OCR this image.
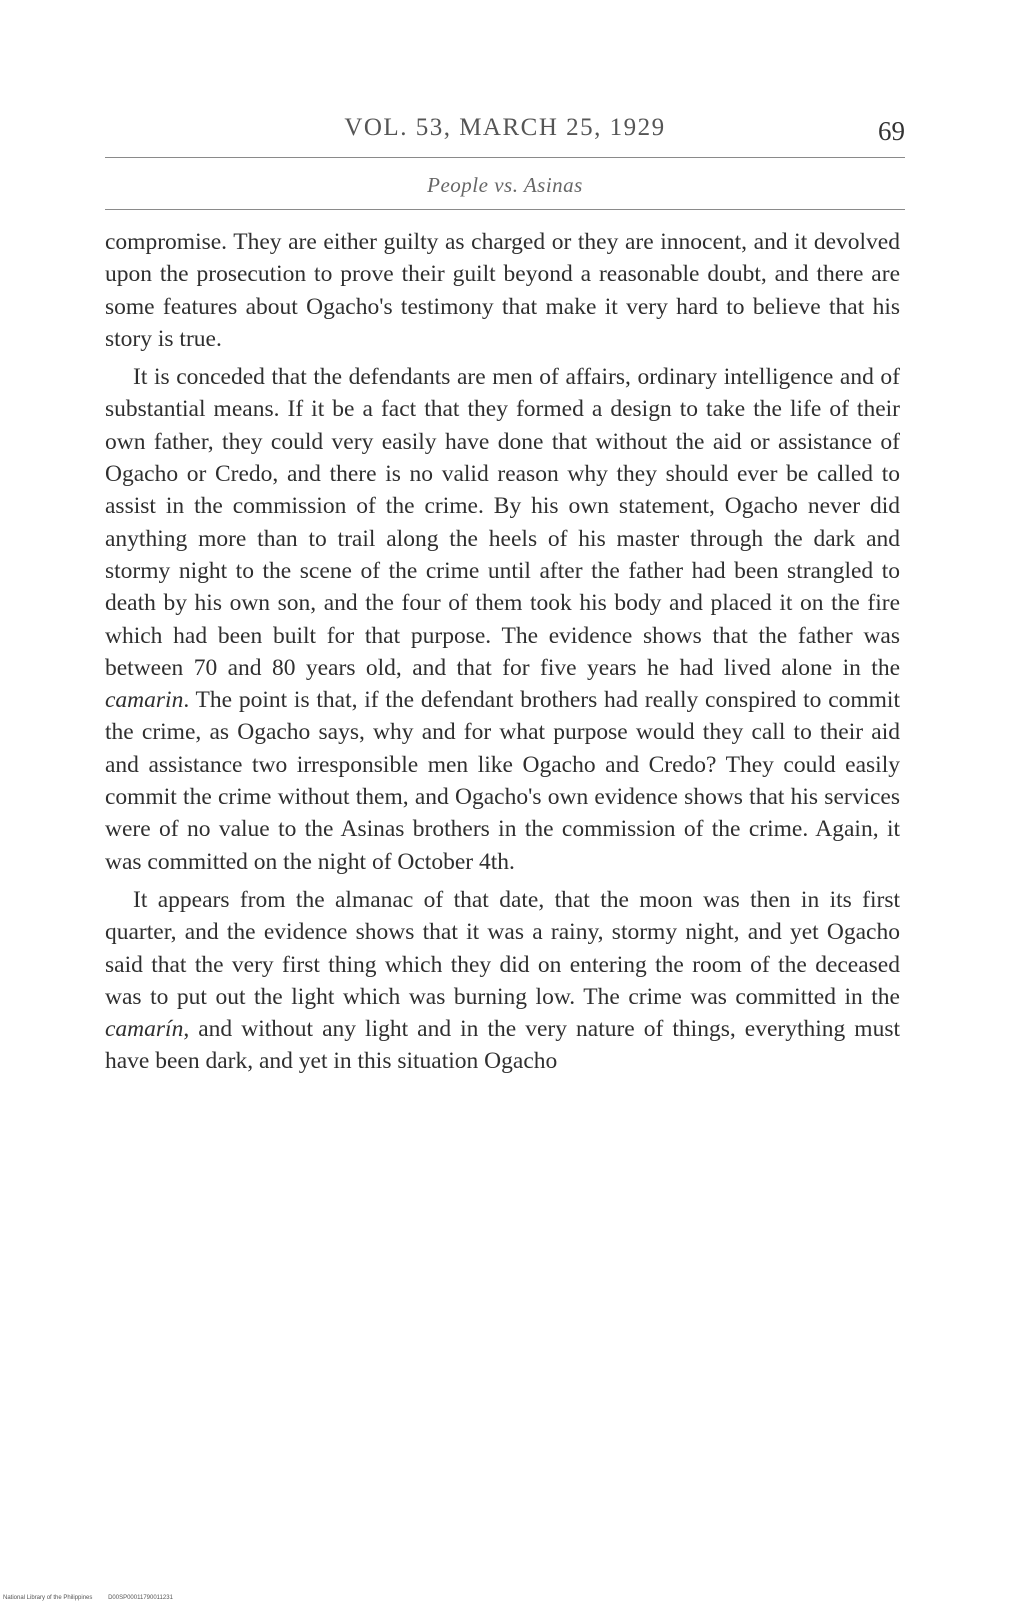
VOL. 53, MARCH 25, 1929	69
People vs. Asinas

compromise. They are either guilty as charged or they are innocent, and it devolved upon the prosecution to prove their guilt beyond a reasonable doubt, and there are some features about Ogacho's testimony that make it very hard to believe that his story is true.

It is conceded that the defendants are men of affairs, ordinary intelligence and of substantial means. If it be a fact that they formed a design to take the life of their own father, they could very easily have done that without the aid or assistance of Ogacho or Credo, and there is no valid reason why they should ever be called to assist in the commission of the crime. By his own statement, Ogacho never did anything more than to trail along the heels of his master through the dark and stormy night to the scene of the crime until after the father had been strangled to death by his own son, and the four of them took his body and placed it on the fire which had been built for that purpose. The evidence shows that the father was between 70 and 80 years old, and that for five years he had lived alone in the camarin. The point is that, if the defendant brothers had really conspired to commit the crime, as Ogacho says, why and for what purpose would they call to their aid and assistance two irresponsible men like Ogacho and Credo? They could easily commit the crime without them, and Ogacho's own evidence shows that his services were of no value to the Asinas brothers in the commission of the crime. Again, it was committed on the night of October 4th.

It appears from the almanac of that date, that the moon was then in its first quarter, and the evidence shows that it was a rainy, stormy night, and yet Ogacho said that the very first thing which they did on entering the room of the deceased was to put out the light which was burning low. The crime was committed in the camarín, and without any light and in the very nature of things, everything must have been dark, and yet in this situation Ogacho

National Library of the Philippines	D00SP00011790011231
